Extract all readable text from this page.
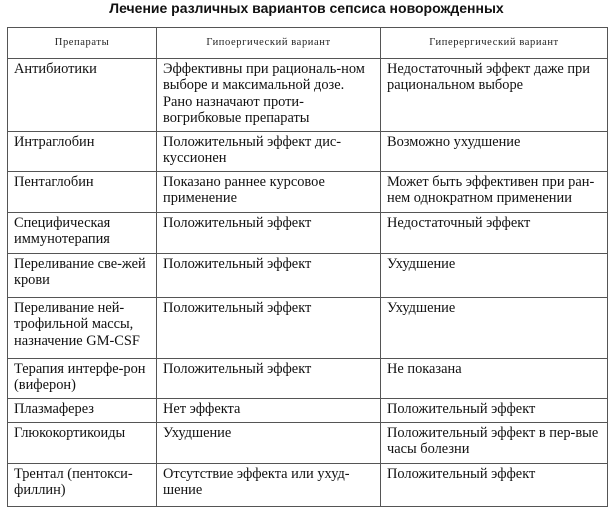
Лечение различных вариантов сепсиса новорожденных
Препараты	Гипоергический вариант	Гиперергический вариант
Антибиотики	Эффективны при рациональ-ном выборе и максимальной дозе. Рано назначают проти-вогрибковые препараты	Недостаточный эффект даже при рациональном выборе
Интраглобин	Положительный эффект дис-куссионен	Возможно ухудшение
Пентаглобин	Показано раннее курсовое применение	Может быть эффективен при ран-нем однократном применении
Специфическая иммунотерапия	Положительный эффект	Недостаточный эффект
Переливание све-жей крови	Положительный эффект	Ухудшение
Переливание ней-трофильной массы, назначение GM-CSF	Положительный эффект	Ухудшение
Терапия интерфе-рон (виферон)	Положительный эффект	Не показана
Плазмаферез	Нет эффекта	Положительный эффект
Глюкокортикоиды	Ухудшение	Положительный эффект в пер-вые часы болезни
Трентал (пентокси-филлин)	Отсутствие эффекта или ухуд-шение	Положительный эффект
